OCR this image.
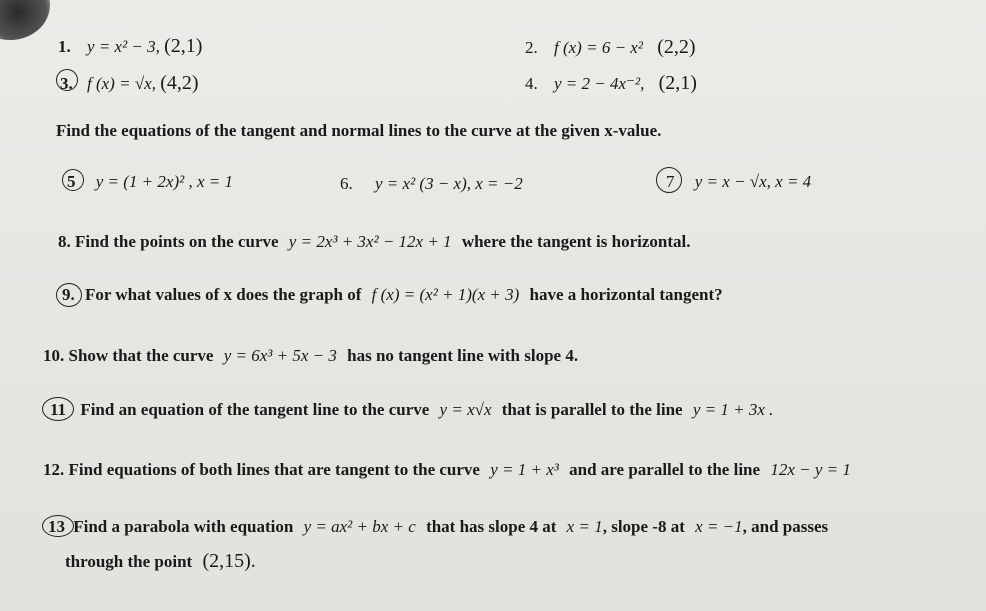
1. y = x² − 3, (2,1)	2. f (x) = 6 − x² (2,2)
3. f (x) = √x, (4,2)	4. y = 2 − 4x⁻², (2,1)
Find the equations of the tangent and normal lines to the curve at the given x-value.
5 y = (1 + 2x)² , x = 1	6. y = x² (3 − x), x = −2	7 y = x − √x, x = 4
8. Find the points on the curve y = 2x³ + 3x² − 12x + 1 where the tangent is horizontal.
9. For what values of x does the graph of f (x) = (x² + 1)(x + 3) have a horizontal tangent?
10. Show that the curve y = 6x³ + 5x − 3 has no tangent line with slope 4.
11 Find an equation of the tangent line to the curve y = x√x that is parallel to the line y = 1 + 3x .
12. Find equations of both lines that are tangent to the curve y = 1 + x³ and are parallel to the line 12x − y = 1
13 Find a parabola with equation y = ax² + bx + c that has slope 4 at x = 1, slope -8 at x = −1, and passes
through the point (2,15).
